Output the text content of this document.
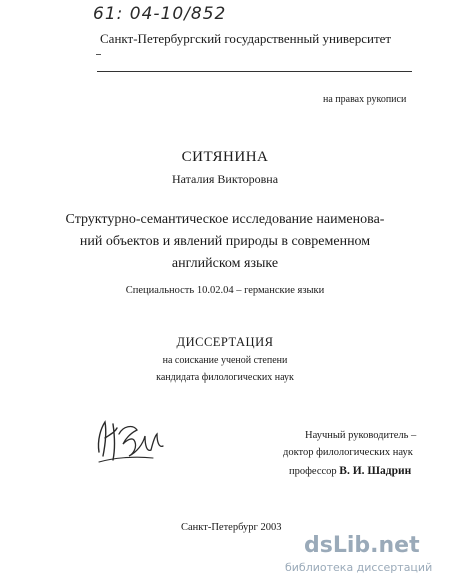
61: 04-10/852
Санкт-Петербургский государственный университет
на правах рукописи
СИТЯНИНА
Наталия Викторовна
Структурно-семантическое исследование наименова-
ний объектов и явлений природы в современном
английском языке
Специальность 10.02.04 – германские языки
ДИССЕРТАЦИЯ
на соискание ученой степени
кандидата филологических наук
Научный руководитель –
доктор филологических наук
профессор В. И. Шадрин
Санкт-Петербург 2003
dsLib.net
библиотека диссертаций
